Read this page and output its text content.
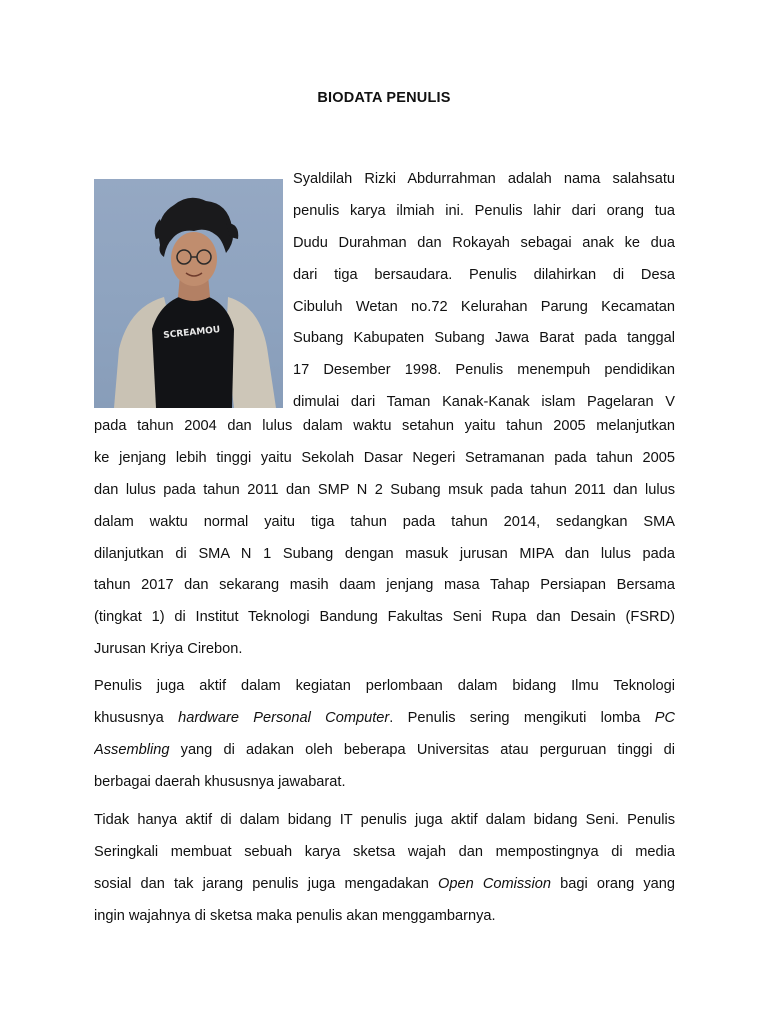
BIODATA PENULIS
SCREAMOU
Syaldilah Rizki Abdurrahman adalah nama salahsatu
penulis karya ilmiah ini. Penulis lahir dari orang tua
Dudu Durahman dan Rokayah sebagai anak ke dua
dari tiga bersaudara. Penulis dilahirkan di Desa
Cibuluh Wetan no.72 Kelurahan Parung Kecamatan
Subang Kabupaten Subang Jawa Barat pada tanggal
17 Desember 1998. Penulis menempuh pendidikan
dimulai dari Taman Kanak-Kanak islam Pagelaran V
pada tahun 2004 dan lulus dalam waktu setahun yaitu tahun 2005 melanjutkan
ke jenjang lebih tinggi yaitu Sekolah Dasar Negeri Setramanan pada tahun 2005
dan lulus pada tahun 2011 dan SMP N 2 Subang msuk pada tahun 2011 dan lulus
dalam waktu normal yaitu tiga tahun pada tahun 2014, sedangkan SMA
dilanjutkan di SMA N 1 Subang dengan masuk jurusan MIPA dan lulus pada
tahun 2017 dan sekarang masih daam jenjang masa Tahap Persiapan Bersama
(tingkat 1) di Institut Teknologi Bandung Fakultas Seni Rupa dan Desain (FSRD)
Jurusan Kriya Cirebon.
Penulis juga aktif dalam kegiatan perlombaan dalam bidang Ilmu Teknologi
khususnya hardware Personal Computer. Penulis sering mengikuti lomba PC
Assembling yang di adakan oleh beberapa Universitas atau perguruan tinggi di
berbagai daerah khususnya jawabarat.
Tidak hanya aktif di dalam bidang IT penulis juga aktif dalam bidang Seni. Penulis
Seringkali membuat sebuah karya sketsa wajah dan mempostingnya di media
sosial dan tak jarang penulis juga mengadakan Open Comission bagi orang yang
ingin wajahnya di sketsa maka penulis akan menggambarnya.
